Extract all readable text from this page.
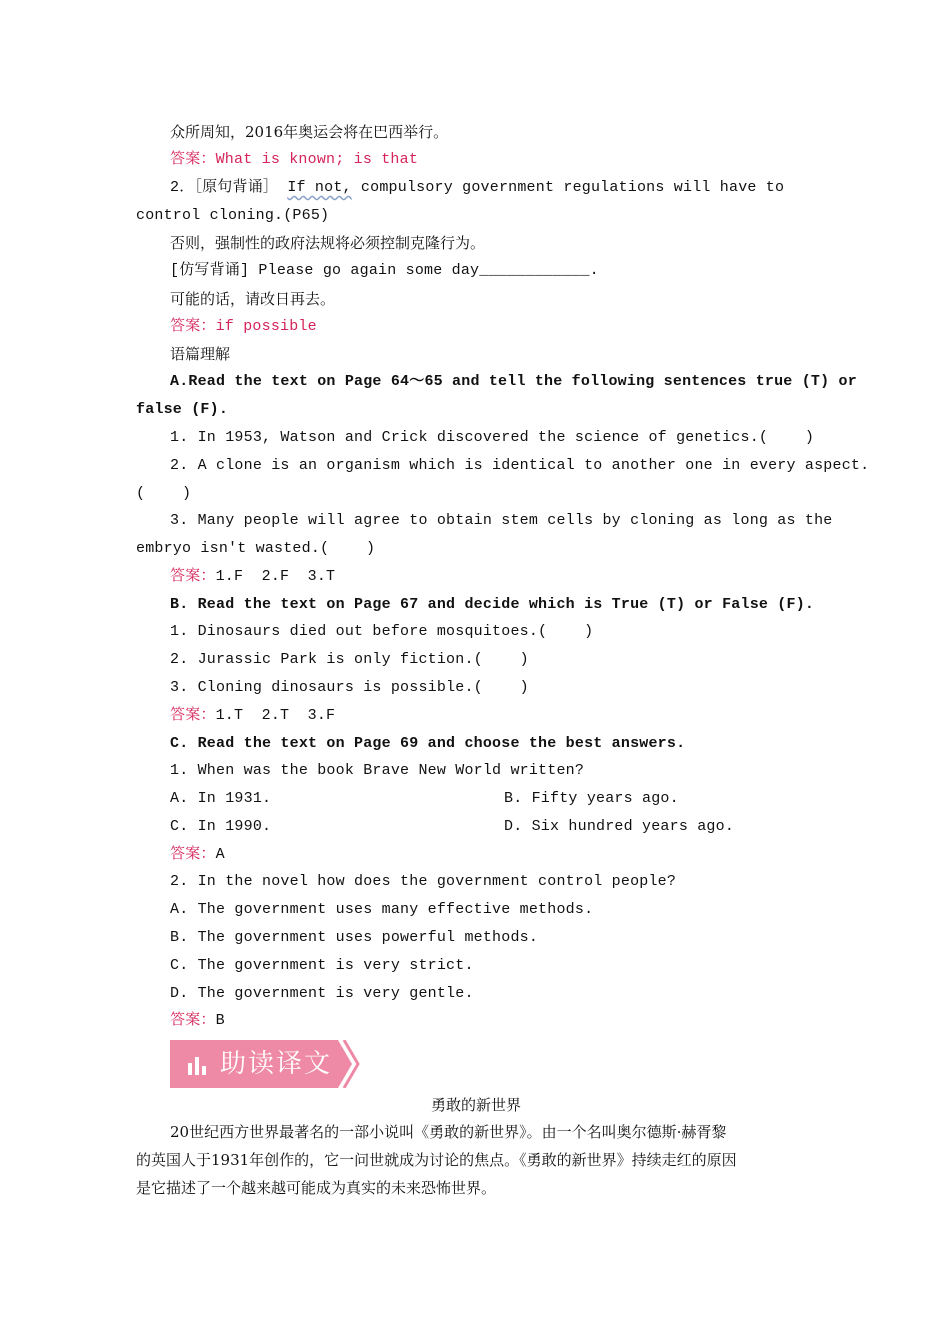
众所周知，2016年奥运会将在巴西举行。
答案：What is known; is that
2．［原句背诵］ If not, compulsory government regulations will have to
control cloning.(P65)
否则，强制性的政府法规将必须控制克隆行为。
[仿写背诵] Please go again some day____________.
可能的话，请改日再去。
答案：if possible
语篇理解
A.Read the text on Page 64～65 and tell the following sentences true (T) or
false (F).
1. In 1953, Watson and Crick discovered the science of genetics.(    )
2. A clone is an organism which is identical to another one in every aspect.
(    )
3. Many people will agree to obtain stem cells by cloning as long as the
embryo isn't wasted.(    )
答案：1.F  2.F  3.T
B. Read the text on Page 67 and decide which is True (T) or False (F).
1. Dinosaurs died out before mosquitoes.(    )
2. Jurassic Park is only fiction.(    )
3. Cloning dinosaurs is possible.(    )
答案：1.T  2.T  3.F
C. Read the text on Page 69 and choose the best answers.
1. When was the book Brave New World written?
A. In 1931.	B. Fifty years ago.
C. In 1990.	D. Six hundred years ago.
答案：A
2. In the novel how does the government control people?
A. The government uses many effective methods.
B. The government uses powerful methods.
C. The government is very strict.
D. The government is very gentle.
答案：B
助读译文
勇敢的新世界
20世纪西方世界最著名的一部小说叫《勇敢的新世界》。由一个名叫奥尔德斯·赫胥黎
的英国人于1931年创作的，它一问世就成为讨论的焦点。《勇敢的新世界》持续走红的原因
是它描述了一个越来越可能成为真实的未来恐怖世界。
